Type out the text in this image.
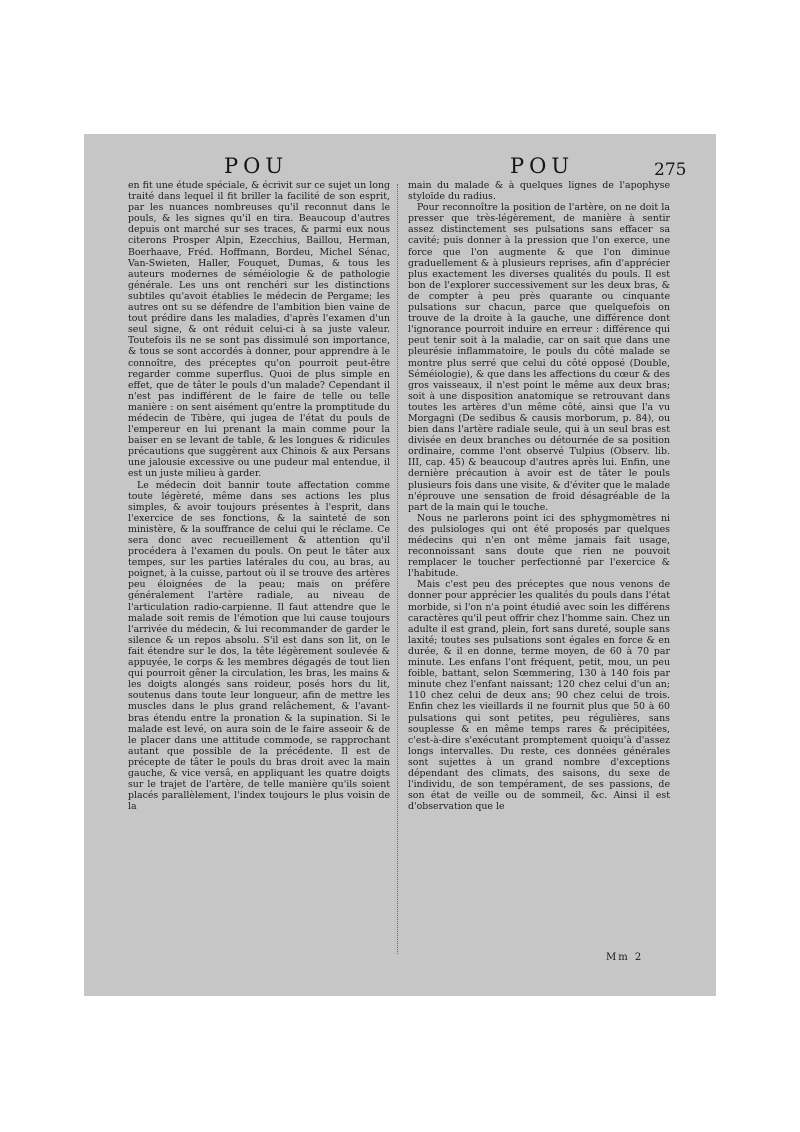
POU	POU	275

en fit une étude spéciale, & écrivit sur ce sujet un long traité dans lequel il fit briller la facilité de son esprit, par les nuances nombreuses qu'il reconnut dans le pouls, & les signes qu'il en tira. Beaucoup d'autres depuis ont marché sur ses traces, & parmi eux nous citerons Prosper Alpin, Ezecchius, Baillou, Herman, Boerhaave, Fréd. Hoffmann, Bordeu, Michel Sénac, Van-Swieten, Haller, Fouquet, Dumas, & tous les auteurs modernes de séméiologie & de pathologie générale. Les uns ont renchéri sur les distinctions subtiles qu'avoit établies le médecin de Pergame; les autres ont su se défendre de l'ambition bien vaine de tout prédire dans les maladies, d'après l'examen d'un seul signe, & ont réduit celui-ci à sa juste valeur. Toutefois ils ne se sont pas dissimulé son importance, & tous se sont accordés à donner, pour apprendre à le connoître, des préceptes qu'on pourroit peut-être regarder comme superflus. Quoi de plus simple en effet, que de tâter le pouls d'un malade? Cependant il n'est pas indifférent de le faire de telle ou telle manière : on sent aisément qu'entre la promptitude du médecin de Tibère, qui jugea de l'état du pouls de l'empereur en lui prenant la main comme pour la baiser en se levant de table, & les longues & ridicules précautions que suggèrent aux Chinois & aux Persans une jalousie excessive ou une pudeur mal entendue, il est un juste milieu à garder.

Le médecin doit bannir toute affectation comme toute légèreté, même dans ses actions les plus simples, & avoir toujours présentes à l'esprit, dans l'exercice de ses fonctions, & la sainteté de son ministère, & la souffrance de celui qui le réclame. Ce sera donc avec recueillement & attention qu'il procédera à l'examen du pouls. On peut le tâter aux tempes, sur les parties latérales du cou, au bras, au poignet, à la cuisse, partout où il se trouve des artères peu éloignées de la peau; mais on préfère généralement l'artère radiale, au niveau de l'articulation radio-carpienne. Il faut attendre que le malade soit remis de l'émotion que lui cause toujours l'arrivée du médecin, & lui recommander de garder le silence & un repos absolu. S'il est dans son lit, on le fait étendre sur le dos, la tête légèrement soulevée & appuyée, le corps & les membres dégagés de tout lien qui pourroit gêner la circulation, les bras, les mains & les doigts alongés sans roideur, posés hors du lit, soutenus dans toute leur longueur, afin de mettre les muscles dans le plus grand relâchement, & l'avant-bras étendu entre la pronation & la supination. Si le malade est levé, on aura soin de le faire asseoir & de le placer dans une attitude commode, se rapprochant autant que possible de la précédente. Il est de précepte de tâter le pouls du bras droit avec la main gauche, & vice versâ, en appliquant les quatre doigts sur le trajet de l'artère, de telle manière qu'ils soient placés parallèlement, l'index toujours le plus voisin de la

main du malade & à quelques lignes de l'apophyse styloïde du radius.

Pour reconnoître la position de l'artère, on ne doit la presser que très-légèrement, de manière à sentir assez distinctement ses pulsations sans effacer sa cavité; puis donner à la pression que l'on exerce, une force que l'on augmente & que l'on diminue graduellement & à plusieurs reprises, afin d'apprécier plus exactement les diverses qualités du pouls. Il est bon de l'explorer successivement sur les deux bras, & de compter à peu près quarante ou cinquante pulsations sur chacun, parce que quelquefois on trouve de la droite à la gauche, une différence dont l'ignorance pourroit induire en erreur : différence qui peut tenir soit à la maladie, car on sait que dans une pleurésie inflammatoire, le pouls du côté malade se montre plus serré que celui du côté opposé (Double, Séméiologie), & que dans les affections du cœur & des gros vaisseaux, il n'est point le même aux deux bras; soit à une disposition anatomique se retrouvant dans toutes les artères d'un même côté, ainsi que l'a vu Morgagni (De sedibus & causis morborum, p. 84), ou bien dans l'artère radiale seule, qui à un seul bras est divisée en deux branches ou détournée de sa position ordinaire, comme l'ont observé Tulpius (Observ. lib. III, cap. 45) & beaucoup d'autres après lui. Enfin, une dernière précaution à avoir est de tâter le pouls plusieurs fois dans une visite, & d'éviter que le malade n'éprouve une sensation de froid désagréable de la part de la main qui le touche.

Nous ne parlerons point ici des sphygmomètres ni des pulsiologes qui ont été proposés par quelques médecins qui n'en ont même jamais fait usage, reconnoissant sans doute que rien ne pouvoit remplacer le toucher perfectionné par l'exercice & l'habitude.

Mais c'est peu des préceptes que nous venons de donner pour apprécier les qualités du pouls dans l'état morbide, si l'on n'a point étudié avec soin les différens caractères qu'il peut offrir chez l'homme sain. Chez un adulte il est grand, plein, fort sans dureté, souple sans laxité; toutes ses pulsations sont égales en force & en durée, & il en donne, terme moyen, de 60 à 70 par minute. Les enfans l'ont fréquent, petit, mou, un peu foible, battant, selon Sœmmering, 130 à 140 fois par minute chez l'enfant naissant; 120 chez celui d'un an; 110 chez celui de deux ans; 90 chez celui de trois. Enfin chez les vieillards il ne fournit plus que 50 à 60 pulsations qui sont petites, peu régulières, sans souplesse & en même temps rares & précipitées, c'est-à-dire s'exécutant promptement quoiqu'à d'assez longs intervalles. Du reste, ces données générales sont sujettes à un grand nombre d'exceptions dépendant des climats, des saisons, du sexe de l'individu, de son tempérament, de ses passions, de son état de veille ou de sommeil, &c. Ainsi il est d'observation que le

Mm 2
